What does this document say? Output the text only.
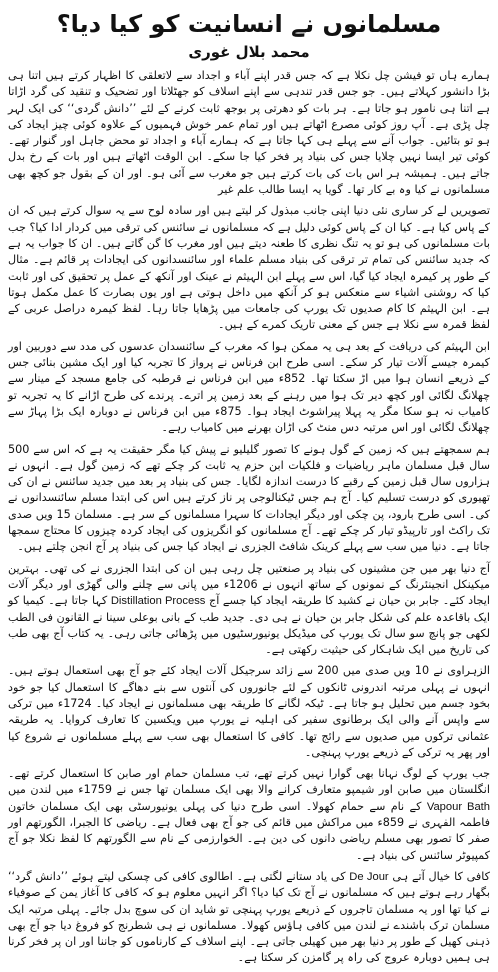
مسلمانوں نے انسانیت کو کیا دیا؟
محمد بلال غوری

ہمارے ہاں تو فیشن چل نکلا ہے کہ جس قدر اپنے آباء و اجداد سے لاتعلقی کا اظہار کرتے ہیں اتنا ہی بڑا دانشور کہلاتے ہیں۔ جو جس قدر تندہی سے اپنے اسلاف کو جھٹلاتا اور تضحیک و تنقید کی گرد اڑاتا ہے اتنا ہی نامور ہو جاتا ہے۔ ہر بات کو دھرتی پر بوجھ ثابت کرنے کے لئے ’’دانش گردی‘‘ کی ایک لہر چل پڑی ہے۔ آپ روز کوئی مصرع اٹھاتے ہیں اور تمام عمر خوش فہمیوں کے علاوہ کوئی چیز ایجاد کی ہو تو بتائیں۔ جواب آنے سے پہلے ہی کہا جاتا ہے کہ ہمارے آباء و اجداد تو محض جاہل اور گنوار تھے۔ کوئی تیر ایسا نہیں چلایا جس کی بنیاد پر فخر کیا جا سکے۔ ابن الوقت اٹھاتے ہیں اور بات کے رخ بدل جاتے ہیں۔ ہمیشہ ہر اس بات کی بات کرتے ہیں جو مغرب سے آئی ہو۔ اور ان کے بقول جو کچھ بھی مسلمانوں نے کیا وہ بے کار تھا۔ گویا یہ ایسا طالب علم غیر

تصویریں لے کر ساری نئی دنیا اپنی جانب مبذول کر لیتے ہیں اور سادہ لوح سے یہ سوال کرتے ہیں کہ ان کے پاس کیا ہے۔ کیا ان کے پاس کوئی دلیل ہے کہ مسلمانوں نے سائنس کی ترقی میں کردار ادا کیا؟ جب بات مسلمانوں کی ہو تو یہ تنگ نظری کا طعنہ دیتے ہیں اور مغرب کا گن گاتے ہیں۔ ان کا جواب یہ ہے کہ جدید سائنس کی تمام تر ترقی کی بنیاد مسلم علماء اور سائنسدانوں کی ایجادات پر قائم ہے۔ مثال کے طور پر کیمرہ ایجاد کیا گیا، اس سے پہلے ابن الہیثم نے عینک اور آنکھ کے عمل پر تحقیق کی اور ثابت کیا کہ روشنی اشیاء سے منعکس ہو کر آنکھ میں داخل ہوتی ہے اور یوں بصارت کا عمل مکمل ہوتا ہے۔ ابن الہیثم کا کام صدیوں تک یورپ کی جامعات میں پڑھایا جاتا رہا۔ لفظ کیمرہ دراصل عربی کے لفظ قمرہ سے نکلا ہے جس کے معنی تاریک کمرے کے ہیں۔

ابن الہیثم کی دریافت کے بعد ہی یہ ممکن ہوا کہ مغرب کے سائنسدان عدسوں کی مدد سے دوربین اور کیمرہ جیسے آلات تیار کر سکے۔ اسی طرح ابن فرناس نے پرواز کا تجربہ کیا اور ایک مشین بنائی جس کے ذریعے انسان ہوا میں اڑ سکتا تھا۔ 852ء میں ابن فرناس نے قرطبہ کی جامع مسجد کے مینار سے چھلانگ لگائی اور کچھ دیر تک ہوا میں رہنے کے بعد زمین پر اترے۔ پرندے کی طرح اڑانے کا یہ تجربہ تو کامیاب نہ ہو سکا مگر یہ پہلا پیراشوٹ ایجاد ہوا۔ 875ء میں ابن فرناس نے دوبارہ ایک بڑا پہاڑ سے چھلانگ لگائی اور اس مرتبہ دس منٹ کی اڑان بھرنے میں کامیاب رہے۔

ہم سمجھتے ہیں کہ زمین کے گول ہونے کا تصور گلیلیو نے پیش کیا مگر حقیقت یہ ہے کہ اس سے 500 سال قبل مسلمان ماہر ریاضیات و فلکیات ابن حزم یہ ثابت کر چکے تھے کہ زمین گول ہے۔ انہوں نے ہزاروں سال قبل زمین کے رقبے کا درست اندازہ لگایا۔ جس کی بنیاد پر بعد میں جدید سائنس نے ان کی تھیوری کو درست تسلیم کیا۔ آج ہم جس ٹیکنالوجی پر ناز کرتے ہیں اس کی ابتدا مسلم سائنسدانوں نے کی۔ اسی طرح بارود، پن چکی اور دیگر ایجادات کا سہرا مسلمانوں کے سر ہے۔ مسلمان 15 ویں صدی تک راکٹ اور تارپیڈو تیار کر چکے تھے۔ آج مسلمانوں کو انگریزوں کی ایجاد کردہ چیزوں کا محتاج سمجھا جاتا ہے۔ دنیا میں سب سے پہلے کرینک شافٹ الجزری نے ایجاد کیا جس کی بنیاد پر آج انجن چلتے ہیں۔

آج دنیا بھر میں جن مشینوں کی بنیاد پر صنعتیں چل رہی ہیں ان کی ابتدا الجزری نے کی تھی۔ بہترین میکینکل انجینئرنگ کے نمونوں کے ساتھ انہوں نے 1206ء میں پانی سے چلنے والی گھڑی اور دیگر آلات ایجاد کئے۔ جابر بن حیان نے کشید کا طریقہ ایجاد کیا جسے آج Distillation Process کہا جاتا ہے۔ کیمیا کو ایک باقاعدہ علم کی شکل جابر بن حیان نے ہی دی۔ جدید طب کے بانی بوعلی سینا نے القانون فی الطب لکھی جو پانچ سو سال تک یورپ کی میڈیکل یونیورسٹیوں میں پڑھائی جاتی رہی۔ یہ کتاب آج بھی طب کی تاریخ میں ایک شاہکار کی حیثیت رکھتی ہے۔

الزہراوی نے 10 ویں صدی میں 200 سے زائد سرجیکل آلات ایجاد کئے جو آج بھی استعمال ہوتے ہیں۔ انہوں نے پہلی مرتبہ اندرونی ٹانکوں کے لئے جانوروں کی آنتوں سے بنے دھاگے کا استعمال کیا جو خود بخود جسم میں تحلیل ہو جاتا ہے۔ ٹیکہ لگانے کا طریقہ بھی مسلمانوں نے ایجاد کیا۔ 1724ء میں ترکی سے واپس آنے والی ایک برطانوی سفیر کی اہلیہ نے یورپ میں ویکسین کا تعارف کروایا۔ یہ طریقہ عثمانی ترکوں میں صدیوں سے رائج تھا۔ کافی کا استعمال بھی سب سے پہلے مسلمانوں نے شروع کیا اور پھر یہ ترکی کے ذریعے یورپ پہنچی۔

جب یورپ کے لوگ نہانا بھی گوارا نہیں کرتے تھے، تب مسلمان حمام اور صابن کا استعمال کرتے تھے۔ انگلستان میں صابن اور شیمپو متعارف کرانے والا بھی ایک مسلمان تھا جس نے 1759ء میں لندن میں Vapour Bath کے نام سے حمام کھولا۔ اسی طرح دنیا کی پہلی یونیورسٹی بھی ایک مسلمان خاتون فاطمہ الفہری نے 859ء میں مراکش میں قائم کی جو آج بھی فعال ہے۔ ریاضی کا الجبرا، الگورتھم اور صفر کا تصور بھی مسلم ریاضی دانوں کی دین ہے۔ الخوارزمی کے نام سے الگورتھم کا لفظ نکلا جو آج کمپیوٹر سائنس کی بنیاد ہے۔

کافی کا خیال آتے ہی De Jour کی یاد ستانے لگتی ہے۔ اطالوی کافی کی چسکی لیتے ہوئے ’’دانش گرد‘‘ بگھار رہے ہوتے ہیں کہ مسلمانوں نے آج تک کیا دیا؟ اگر انہیں معلوم ہو کہ کافی کا آغاز یمن کے صوفیاء نے کیا تھا اور یہ مسلمان تاجروں کے ذریعے یورپ پہنچی تو شاید ان کی سوچ بدل جائے۔ پہلی مرتبہ ایک مسلمان ترک باشندے نے لندن میں کافی ہاؤس کھولا۔ مسلمانوں نے ہی شطرنج کو فروغ دیا جو آج بھی ذہنی کھیل کے طور پر دنیا بھر میں کھیلی جاتی ہے۔ اپنے اسلاف کے کارناموں کو جاننا اور ان پر فخر کرنا ہی ہمیں دوبارہ عروج کی راہ پر گامزن کر سکتا ہے۔
